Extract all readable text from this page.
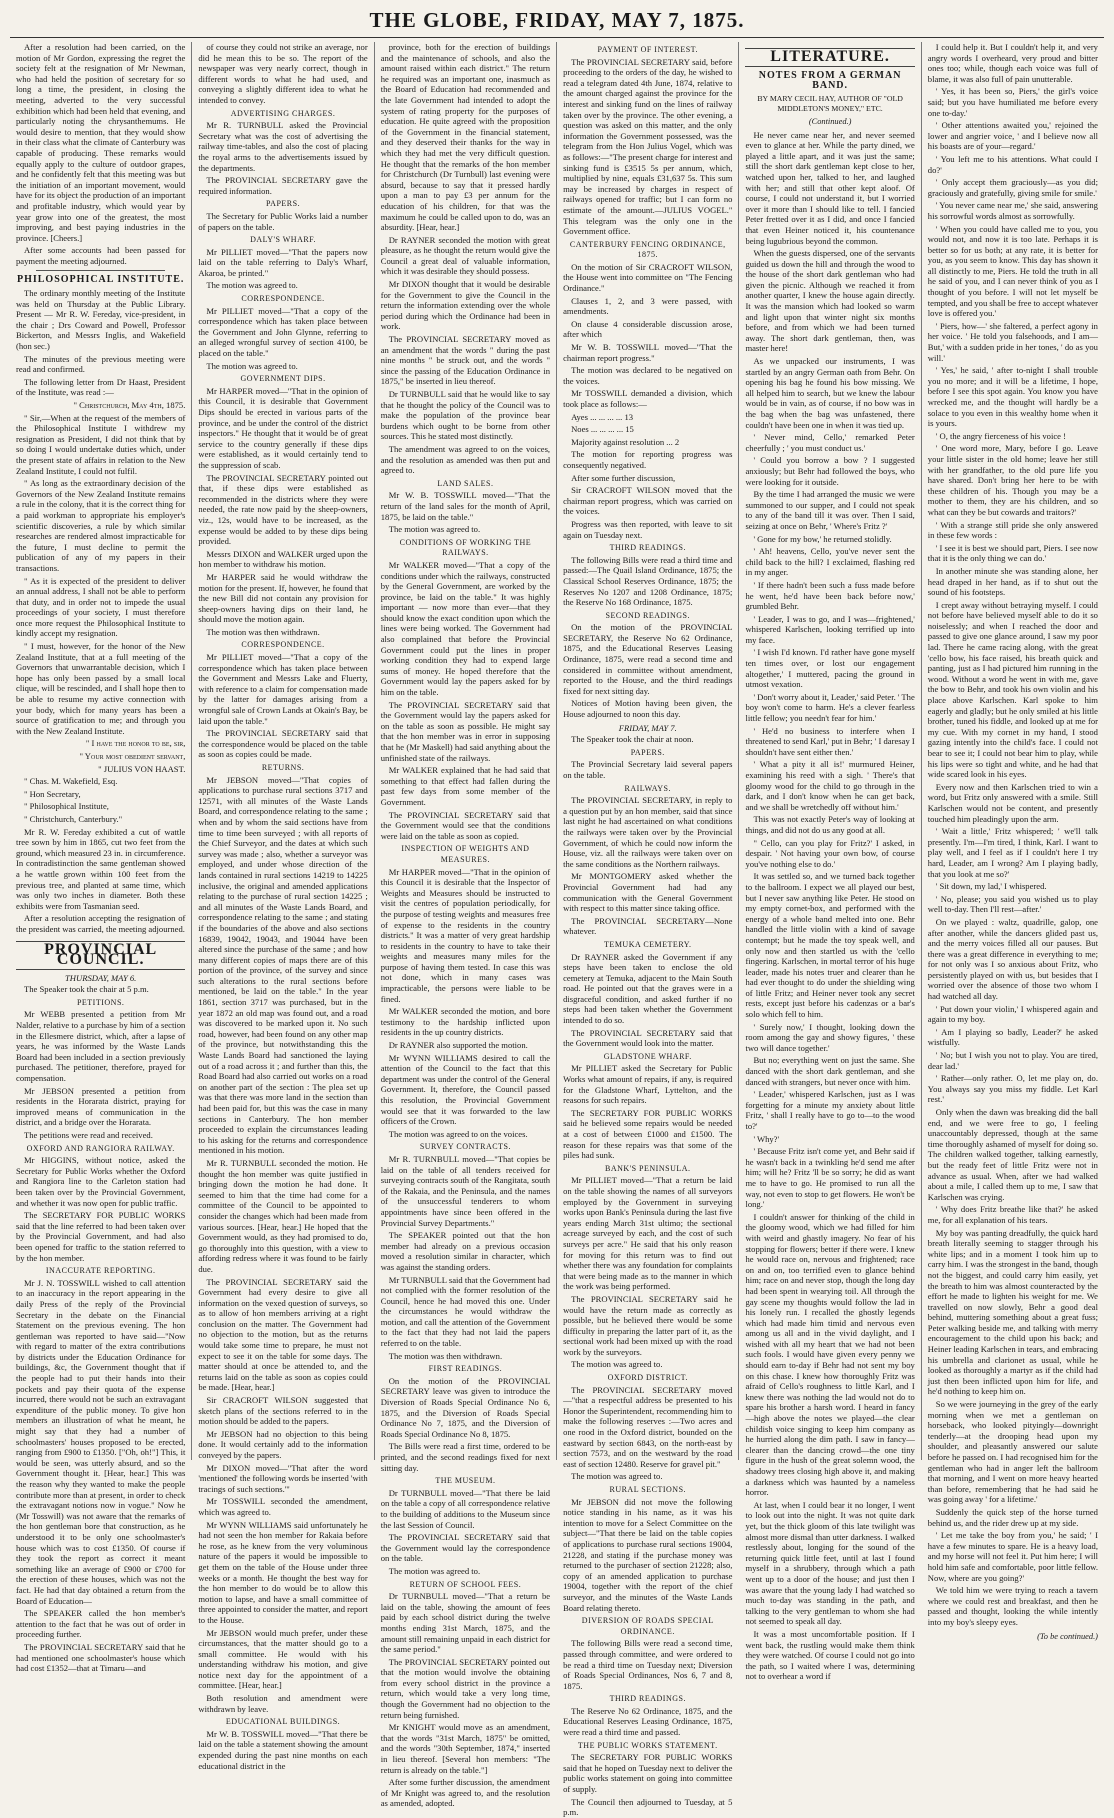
THE GLOBE, FRIDAY, MAY 7, 1875.

After a resolution had been carried, on the motion of Mr Gordon, expressing the regret the society felt at the resignation of Mr Newman, who had held the position of secretary for so long a time, the president, in closing the meeting, adverted to the very successful exhibition which had been held that evening, and particularly noting the chrysanthemums. He would desire to mention, that they would show in their class what the climate of Canterbury was capable of producing. These remarks would equally apply to the culture of outdoor grapes, and he confidently felt that this meeting was but the initiation of an important movement, would have for its object the production of an important and profitable industry, which would year by year grow into one of the greatest, the most improving, and best paying industries in the province. [Cheers.]

After some accounts had been passed for payment the meeting adjourned.

PHILOSOPHICAL INSTITUTE.

The ordinary monthly meeting of the Institute was held on Thursday at the Public Library. Present — Mr R. W. Fereday, vice-president, in the chair ; Drs Coward and Powell, Professor Bickerton, and Messrs Inglis, and Wakefield (hon sec.)

The minutes of the previous meeting were read and confirmed.

The following letter from Dr Haast, President of the Institute, was read :—

" Christchurch, May 4th, 1875.

" Sir,—When at the request of the members of the Philosophical Institute I withdrew my resignation as President, I did not think that by so doing I would undertake duties which, under the present state of affairs in relation to the New Zealand Institute, I could not fulfil.

" As long as the extraordinary decision of the Governors of the New Zealand Institute remains a rule in the colony, that it is the correct thing for a paid workman to appropriate his employer's scientific discoveries, a rule by which similar researches are rendered almost impracticable for the future, I must decline to permit the publication of any of my papers in their transactions.

" As it is expected of the president to deliver an annual address, I shall not be able to perform that duty, and in order not to impede the usual proceedings of your society, I must therefore once more request the Philosophical Institute to kindly accept my resignation.

" I must, however, for the honor of the New Zealand Institute, that at a full meeting of the Governors that unwarrantable decision, which I hope has only been passed by a small local clique, will be rescinded, and I shall hope then to be able to resume my active connection with your body, which for many years has been a source of gratification to me; and through you with the New Zealand Institute.

" I have the honor to be, sir,

" Your most obedient servant,

" JULIUS VON HAAST.

" Chas. M. Wakefield, Esq.

" Hon Secretary,

" Philosophical Institute,

" Christchurch, Canterbury."

Mr R. W. Fereday exhibited a cut of wattle tree sown by him in 1865, cut two feet from the ground, which measured 23 in. in circumference. In contradistinction the same gentleman showed a he wattle grown within 100 feet from the previous tree, and planted at same time, which was only two inches in diameter. Both these exhibits were from Tasmanian seed.

After a resolution accepting the resignation of the president was carried, the meeting adjourned.

PROVINCIAL COUNCIL.
THURSDAY, MAY 6.

The Speaker took the chair at 5 p.m.

PETITIONS.

Mr WEBB presented a petition from Mr Nalder, relative to a purchase by him of a section in the Ellesmere district, which, after a lapse of years, he was informed by the Waste Lands Board had been included in a section previously purchased. The petitioner, therefore, prayed for compensation.

Mr JEBSON presented a petition from residents in the Horarata district, praying for improved means of communication in the district, and a bridge over the Horarata.

The petitions were read and received.

OXFORD AND RANGIORA RAILWAY.

Mr HIGGINS, without notice, asked the Secretary for Public Works whether the Oxford and Rangiora line to the Carleton station had been taken over by the Provincial Government, and whether it was now open for public traffic.

The SECRETARY FOR PUBLIC WORKS said that the line referred to had been taken over by the Provincial Government, and had also been opened for traffic to the station referred to by the hon member.

INACCURATE REPORTING.

Mr J. N. TOSSWILL wished to call attention to an inaccuracy in the report appearing in the daily Press of the reply of the Provincial Secretary in the debate on the Financial Statement on the previous evening. The hon gentleman was reported to have said—"Now with regard to matter of the extra contributions by districts under the Education Ordinance for buildings, &c, the Government thought that if the people had to put their hands into their pockets and pay their quota of the expense incurred, there would not be such an extravagant expenditure of the public money. To give hon members an illustration of what he meant, he might say that they had a number of schoolmasters' houses proposed to be erected, ranging from £900 to £1350. ["Oh, oh!"] This, it would be seen, was utterly absurd, and so the Government thought it. [Hear, hear.] This was the reason why they wanted to make the people contribute more than at present, in order to check the extravagant notions now in vogue." Now he (Mr Tosswill) was not aware that the remarks of the hon gentleman bore that construction, as he understood it to be only one schoolmaster's house which was to cost £1350. Of course if they took the report as correct it meant something like an average of £900 or £700 for the erection of these houses, which was not the fact. He had that day obtained a return from the Board of Education—

The SPEAKER called the hon member's attention to the fact that he was out of order in proceeding further.

The PROVINCIAL SECRETARY said that he had mentioned one schoolmaster's house which had cost £1352—that at Timaru—and

of course they could not strike an average, nor did he mean this to be so. The report of the newspaper was very nearly correct, though in different words to what he had used, and conveying a slightly different idea to what he intended to convey.

ADVERTISING CHARGES.

Mr R. TURNBULL asked the Provincial Secretary what was the cost of advertising the railway time-tables, and also the cost of placing the royal arms to the advertisements issued by the departments.

The PROVINCIAL SECRETARY gave the required information.

PAPERS.

The Secretary for Public Works laid a number of papers on the table.

DALY'S WHARF.

Mr PILLIET moved—"That the papers now laid on the table referring to Daly's Wharf, Akaroa, be printed."

The motion was agreed to.

CORRESPONDENCE.

Mr PILLIET moved—"That a copy of the correspondence which has taken place between the Government and John Glynne, referring to an alleged wrongful survey of section 4100, be placed on the table."

The motion was agreed to.

GOVERNMENT DIPS.

Mr HARPER moved—"That in the opinion of this Council, it is desirable that Government Dips should be erected in various parts of the province, and be under the control of the district inspectors." He thought that it would be of great service to the country generally if these dips were established, as it would certainly tend to the suppression of scab.

The PROVINCIAL SECRETARY pointed out that, if these dips were established as recommended in the districts where they were needed, the rate now paid by the sheep-owners, viz., 12s, would have to be increased, as the expense would be added to by these dips being provided.

Messrs DIXON and WALKER urged upon the hon member to withdraw his motion.

Mr HARPER said he would withdraw the motion for the present. If, however, he found that the new Bill did not contain any provision for sheep-owners having dips on their land, he should move the motion again.

The motion was then withdrawn.

CORRESPONDENCE.

Mr PILLIET moved—"That a copy of the correspondence which has taken place between the Government and Messrs Lake and Fluerty, with reference to a claim for compensation made by the latter for damages arising from a wrongful sale of Crown Lands at Okain's Bay, be laid upon the table."

The PROVINCIAL SECRETARY said that the correspondence would be placed on the table as soon as copies could be made.

RETURNS.

Mr JEBSON moved—"That copies of applications to purchase rural sections 3717 and 12571, with all minutes of the Waste Lands Board, and correspondence relating to the same ; when and by whom the said sections have from time to time been surveyed ; with all reports of the Chief Surveyor, and the dates at which such survey was made ; also, whether a surveyor was employed, and under whose direction of the lands contained in rural sections 14219 to 14225 inclusive, the original and amended applications relating to the purchase of rural section 14225 ; and all minutes of the Waste Lands Board, and correspondence relating to the same ; and stating if the boundaries of the above and also sections 16839, 19042, 19043, and 19044 have been altered since the purchase of the same ; and how many different copies of maps there are of this portion of the province, of the survey and since such alterations to the rural sections before mentioned, be laid on the table." In the year 1861, section 3717 was purchased, but in the year 1872 an old map was found out, and a road was discovered to be marked upon it. No such road, however, had been found on any other map of the province, but notwithstanding this the Waste Lands Board had sanctioned the laying out of a road across it ; and further than this, the Road Board had also carried out works on a road on another part of the section : The plea set up was that there was more land in the section than had been paid for, but this was the case in many sections in Canterbury. The hon member proceeded to explain the circumstances leading to his asking for the returns and correspondence mentioned in his motion.

Mr R. TURNBULL seconded the motion. He thought the hon member was quite justified in bringing down the motion he had done. It seemed to him that the time had come for a committee of the Council to be appointed to consider the changes which had been made from various sources. [Hear, hear.] He hoped that the Government would, as they had promised to do, go thoroughly into this question, with a view to affording redress where it was found to be fairly due.

The PROVINCIAL SECRETARY said the Government had every desire to give all information on the vexed question of surveys, so as to allow of hon members arriving at a right conclusion on the matter. The Government had no objection to the motion, but as the returns would take some time to prepare, he must not expect to see it on the table for some days. The matter should at once be attended to, and the returns laid on the table as soon as copies could be made. [Hear, hear.]

Sir CRACROFT WILSON suggested that sketch plans of the sections referred to in the motion should be added to the papers.

Mr JEBSON had no objection to this being done. It would certainly add to the information conveyed by the papers.

Mr DIXON moved—"That after the word 'mentioned' the following words be inserted 'with tracings of such sections.'"

Mr TOSSWILL seconded the amendment, which was agreed to.

Mr WYNN WILLIAMS said unfortunately he had not seen the hon member for Rakaia before he rose, as he knew from the very voluminous nature of the papers it would be impossible to get them on the table of the House under three weeks or a month. He thought the best way for the hon member to do would be to allow this motion to lapse, and have a small committee of three appointed to consider the matter, and report to the House.

Mr JEBSON would much prefer, under these circumstances, that the matter should go to a small committee. He would with his understanding withdraw his motion, and give notice next day for the appointment of a committee. [Hear, hear.]

Both resolution and amendment were withdrawn by leave.

EDUCATIONAL BUILDINGS.

Mr W. B. TOSSWILL moved—"That there be laid on the table a statement showing the amount expended during the past nine months on each educational district in the

province, both for the erection of buildings and the maintenance of schools, and also the amount raised within each district." The return he required was an important one, inasmuch as the Board of Education had recommended and the late Government had intended to adopt the system of rating property for the purposes of education. He quite agreed with the proposition of the Government in the financial statement, and they deserved their thanks for the way in which they had met the very difficult question. He thought that the remarks of the hon member for Christchurch (Dr Turnbull) last evening were absurd, because to say that it pressed hardly upon a man to pay £3 per annum for the education of his children, for that was the maximum he could be called upon to do, was an absurdity. [Hear, hear.]

Dr RAYNER seconded the motion with great pleasure, as he thought the return would give the Council a great deal of valuable information, which it was desirable they should possess.

Mr DIXON thought that it would be desirable for the Government to give the Council in the return the information extending over the whole period during which the Ordinance had been in work.

The PROVINCIAL SECRETARY moved as an amendment that the words " during the past nine months " be struck out, and the words " since the passing of the Education Ordinance in 1875," be inserted in lieu thereof.

Dr TURNBULL said that he would like to say that he thought the policy of the Council was to make the population of the province bear burdens which ought to be borne from other sources. This he stated most distinctly.

The amendment was agreed to on the voices, and the resolution as amended was then put and agreed to.

LAND SALES.

Mr W. B. TOSSWILL moved—"That the return of the land sales for the month of April, 1875, be laid on the table."

The motion was agreed to.

CONDITIONS OF WORKING THE RAILWAYS.

Mr WALKER moved—"That a copy of the conditions under which the railways, constructed by the General Government, are worked by the province, be laid on the table." It was highly important — now more than ever—that they should know the exact condition upon which the lines were being worked. The Government had also complained that before the Provincial Government could put the lines in proper working condition they had to expend large sums of money. He hoped therefore that the Government would lay the papers asked for by him on the table.

The PROVINCIAL SECRETARY said that the Government would lay the papers asked for on the table as soon as possible. He might say that the hon member was in error in supposing that he (Mr Maskell) had said anything about the unfinished state of the railways.

Mr WALKER explained that he had said that something to that effect had fallen during the past few days from some member of the Government.

The PROVINCIAL SECRETARY said that the Government would see that the conditions were laid on the table as soon as copied.

INSPECTION OF WEIGHTS AND MEASURES.

Mr HARPER moved—"That in the opinion of this Council it is desirable that the Inspector of Weights and Measures should be instructed to visit the centres of population periodically, for the purpose of testing weights and measures free of expense to the residents in the country districts." It was a matter of very great hardship to residents in the country to have to take their weights and measures many miles for the purpose of having them tested. In case this was not done, which in many cases was impracticable, the persons were liable to be fined.

Mr WALKER seconded the motion, and bore testimony to the hardship inflicted upon residents in the up country districts.

Dr RAYNER also supported the motion.

Mr WYNN WILLIAMS desired to call the attention of the Council to the fact that this department was under the control of the General Government. It, therefore, the Council passed this resolution, the Provincial Government would see that it was forwarded to the law officers of the Crown.

The motion was agreed to on the voices.

SURVEY CONTRACTS.

Mr R. TURNBULL moved—"That copies be laid on the table of all tenders received for surveying contracts south of the Rangitata, south of the Rakaia, and the Peninsula, and the names of the unsuccessful tenderers to whom appointments have since been offered in the Provincial Survey Departments."

The SPEAKER pointed out that the hon member had already on a previous occasion moved a resolution similar in character, which was against the standing orders.

Mr TURNBULL said that the Government had not complied with the former resolution of the Council, hence he had moved this one. Under the circumstances he would withdraw the motion, and call the attention of the Government to the fact that they had not laid the papers referred to on the table.

The motion was then withdrawn.

FIRST READINGS.

On the motion of the PROVINCIAL SECRETARY leave was given to introduce the Diversion of Roads Special Ordinance No 6, 1875, and the Diversion of Roads Special Ordinance No 7, 1875, and the Diversion of Roads Special Ordinance No 8, 1875.

The Bills were read a first time, ordered to be printed, and the second readings fixed for next sitting day.

THE MUSEUM.

Dr TURNBULL moved—"That there be laid on the table a copy of all correspondence relative to the building of additions to the Museum since the last Session of Council.

The PROVINCIAL SECRETARY said that the Government would lay the correspondence on the table.

The motion was agreed to.

RETURN OF SCHOOL FEES.

Dr TURNBULL moved—"That a return be laid on the table, showing the amount of fees paid by each school district during the twelve months ending 31st March, 1875, and the amount still remaining unpaid in each district for the same period."

The PROVINCIAL SECRETARY pointed out that the motion would involve the obtaining from every school district in the province a return, which would take a very long time, though the Government had no objection to the return being furnished.

Mr KNIGHT would move as an amendment, that the words "31st March, 1875" be omitted, and the words "30th September, 1874," inserted in lieu thereof. [Several hon members: "The return is already on the table."]

After some further discussion, the amendment of Mr Knight was agreed to, and the resolution as amended, adopted.

PAYMENT OF INTEREST.

The PROVINCIAL SECRETARY said, before proceeding to the orders of the day, he wished to read a telegram dated 4th June, 1874, relative to the amount charged against the province for the interest and sinking fund on the lines of railway taken over by the province. The other evening, a question was asked on this matter, and the only information the Government possessed, was the telegram from the Hon Julius Vogel, which was as follows:—"The present charge for interest and sinking fund is £3515 5s per annum, which, multiplied by nine, equals £31,637 5s. This sum may be increased by charges in respect of railways opened for traffic; but I can form no estimate of the amount.—JULIUS VOGEL." This telegram was the only one in the Government office.

CANTERBURY FENCING ORDINANCE, 1875.

On the motion of Sir CRACROFT WILSON, the House went into committee on "The Fencing Ordinance."

Clauses 1, 2, and 3 were passed, with amendments.

On clause 4 considerable discussion arose, after which

Mr W. B. TOSSWILL moved—"That the chairman report progress."

The motion was declared to be negatived on the voices.

Mr TOSSWILL demanded a division, which took place as follows:—

Ayes ... ... ... ... 13

Noes ... ... ... ... 15

Majority against resolution ... 2

The motion for reporting progress was consequently negatived.

After some further discussion,

Sir CRACROFT WILSON moved that the chairman report progress, which was carried on the voices.

Progress was then reported, with leave to sit again on Tuesday next.

THIRD READINGS.

The following Bills were read a third time and passed:—The Quail Island Ordinance, 1875; the Classical School Reserves Ordinance, 1875; the Reserves No 1207 and 1208 Ordinance, 1875; the Reserve No 168 Ordinance, 1875.

SECOND READINGS.

On the motion of the PROVINCIAL SECRETARY, the Reserve No 62 Ordinance, 1875, and the Educational Reserves Leasing Ordinance, 1875, were read a second time and considered in committee without amendment, reported to the House, and the third readings fixed for next sitting day.

Notices of Motion having been given, the House adjourned to noon this day.

FRIDAY, MAY 7.

The Speaker took the chair at noon.

PAPERS.

The Provincial Secretary laid several papers on the table.

RAILWAYS.

The PROVINCIAL SECRETARY, in reply to a question put by an hon member, said that since last night he had ascertained on what conditions the railways were taken over by the Provincial Government, of which he could now inform the House, viz. all the railways were taken over on the same conditions as the Northern railways.

Mr MONTGOMERY asked whether the Provincial Government had had any communication with the General Government with respect to this matter since taking office.

The PROVINCIAL SECRETARY—None whatever.

TEMUKA CEMETERY.

Dr RAYNER asked the Government if any steps have been taken to enclose the old cemetery at Temuka, adjacent to the Main South road. He pointed out that the graves were in a disgraceful condition, and asked further if no steps had been taken whether the Government intended to do so.

The PROVINCIAL SECRETARY said that the Government would look into the matter.

GLADSTONE WHARF.

Mr PILLIET asked the Secretary for Public Works what amount of repairs, if any, is required for the Gladstone Wharf, Lyttelton, and the reasons for such repairs.

The SECRETARY FOR PUBLIC WORKS said he believed some repairs would be needed at a cost of between £1000 and £1500. The reason for these repairs was that some of the piles had sunk.

BANK'S PENINSULA.

Mr PILLIET moved—"That a return be laid on the table showing the names of all surveyors employed by the Government in surveying works upon Bank's Peninsula during the last five years ending March 31st ultimo; the sectional acreage surveyed by each, and the cost of such surveys per acre." He said that his only reason for moving for this return was to find out whether there was any foundation for complaints that were being made as to the manner in which the work was being performed.

The PROVINCIAL SECRETARY said he would have the return made as correctly as possible, but he believed there would be some difficulty in preparing the latter part of it, as the sectional work had been mixed up with the road work by the surveyors.

The motion was agreed to.

OXFORD DISTRICT.

The PROVINCIAL SECRETARY moved—"that a respectful address be presented to his Honor the Superintendent, recommending him to make the following reserves :—Two acres and one rood in the Oxford district, bounded on the eastward by section 6843, on the north-east by section 7573, and on the westward by the road east of section 12480. Reserve for gravel pit."

The motion was agreed to.

RURAL SECTIONS.

Mr JEBSON did not move the following notice standing in his name, as it was his intention to move for a Select Committee on the subject—"That there be laid on the table copies of applications to purchase rural sections 19004, 21228, and stating if the purchase money was returned to the purchaser of section 21228; also, copy of an amended application to purchase 19004, together with the report of the chief surveyor, and the minutes of the Waste Lands Board relating thereto.

DIVERSION OF ROADS SPECIAL ORDINANCE.

The following Bills were read a second time, passed through committee, and were ordered to be read a third time on Tuesday next; Diversion of Roads Special Ordinances, Nos 6, 7 and 8, 1875.

THIRD READINGS.

The Reserve No 62 Ordinance, 1875, and the Educational Reserves Leasing Ordinance, 1875, were read a third time and passed.

THE PUBLIC WORKS STATEMENT.

The SECRETARY FOR PUBLIC WORKS said that he hoped on Tuesday next to deliver the public works statement on going into committee of supply.

The Council then adjourned to Tuesday, at 5 p.m.

LITERATURE.
NOTES FROM A GERMAN BAND.
BY MARY CECIL HAY, AUTHOR OF "OLD MIDDLETON'S MONEY," ETC.
(Continued.)

He never came near her, and never seemed even to glance at her. While the party dined, we played a little apart, and it was just the same; still the short dark gentleman kept close to her, watched upon her, talked to her, and laughed with her; and still that other kept aloof. Of course, I could not understand it, but I worried over it more than I should like to tell. I fancied Peter fretted over it as I did, and once I fancied that even Heiner noticed it, his countenance being lugubrious beyond the common.

When the guests dispersed, one of the servants guided us down the hill and through the wood to the house of the short dark gentleman who had given the picnic. Although we reached it from another quarter, I knew the house again directly. It was the mansion which had looked so warm and light upon that winter night six months before, and from which we had been turned away. The short dark gentleman, then, was master here!

As we unpacked our instruments, I was startled by an angry German oath from Behr. On opening his bag he found his bow missing. We all helped him to search, but we knew the labour would be in vain, as of course, if no bow was in the bag when the bag was unfastened, there couldn't have been one in when it was tied up.

' Never mind, Cello,' remarked Peter cheerfully ; ' you must conduct us.'

' Could you borrow a bow ? I suggested anxiously; but Behr had followed the boys, who were looking for it outside.

By the time I had arranged the music we were summoned to our supper, and I could not speak to any of the band till it was over. Then I said, seizing at once on Behr, ' Where's Fritz ?'

' Gone for my bow,' he returned stolidly.

' Ah! heavens, Cello, you've never sent the child back to the hill? I exclaimed, flashing red in my anger.

' If there hadn't been such a fuss made before he went, he'd have been back before now,' grumbled Behr.

' Leader, I was to go, and I was—frightened,' whispered Karlschen, looking terrified up into my face.

' I wish I'd known. I'd rather have gone myself ten times over, or lost our engagement altogether,' I muttered, pacing the ground in utmost vexation.

' Don't worry about it, Leader,' said Peter. ' The boy won't come to harm. He's a clever fearless little fellow; you needn't fear for him.'

' He'd no business to interfere when I threatened to send Karl,' put in Behr; ' I daresay I shouldn't have sent either then.'

' What a pity it all is!' murmured Heiner, examining his reed with a sigh. ' There's that gloomy wood for the child to go through in the dark, and I don't know when he can get back, and we shall be wretchedly off without him.'

This was not exactly Peter's way of looking at things, and did not do us any good at all.

" Cello, can you play for Fritz?' I asked, in despair. ' Not having your own bow, of course you've nothing else to do.'

It was settled so, and we turned back together to the ballroom. I expect we all played our best, but I never saw anything like Peter. He stood on my empty cornet-box, and performed with the energy of a whole band melted into one. Behr handled the little violin with a kind of savage contempt; but he made the toy speak well, and only now and then startled us with the 'cello fingering. Karlschen, in mortal terror of his huge leader, made his notes truer and clearer than he had ever thought to do under the shielding wing of little Fritz; and Heiner never took any secret rests, except just before his cadenzas or a bar's solo which fell to him.

' Surely now,' I thought, looking down the room among the gay and showy figures, ' these two will dance together.'

But no; everything went on just the same. She danced with the short dark gentleman, and she danced with strangers, but never once with him.

' Leader,' whispered Karlschen, just as I was forgetting for a minute my anxiety about little Fritz, ' shall I really have to go to—to the wood to?'

' Why?'

' Because Fritz isn't come yet, and Behr said if he wasn't back in a twinkling he'd send me after him; will he? Fritz 'll be so sorry; he did as want me to have to go. He promised to run all the way, not even to stop to get flowers. He won't be long.'

I couldn't answer for thinking of the child in the gloomy wood, which we had filled for him with weird and ghastly imagery. No fear of his stopping for flowers; better if there were. I knew he would race on, nervous and frightened; race on and on, too terrified even to glance behind him; race on and never stop, though the long day had been spent in wearying toil. All through the gay scene my thoughts would follow the lad in his lonely run. I recalled the ghostly legends which had made him timid and nervous even among us all and in the vivid daylight, and I wished with all my heart that we had not been such fools. I would have given every penny we should earn to-day if Behr had not sent my boy on this chase. I knew how thoroughly Fritz was afraid of Cello's roughness to little Karl, and I knew there was nothing the lad would not do to spare his brother a harsh word. I heard in fancy—high above the notes we played—the clear childish voice singing to keep him company as he hurried along the dim path. I saw in fancy—clearer than the dancing crowd—the one tiny figure in the hush of the great solemn wood, the shadowy trees closing high above it, and making a darkness which was haunted by a nameless horror.

At last, when I could bear it no longer, I went to look out into the night. It was not quite dark yet, but the thick gloom of this late twilight was almost more dismal than utter darkness. I walked restlessly about, longing for the sound of the returning quick little feet, until at last I found myself in a shrubbery, through which a path went up to a door of the house; and just then I was aware that the young lady I had watched so much to-day was standing in the path, and talking to the very gentleman to whom she had not seemed to speak all day.

It was a most uncomfortable position. If I went back, the rustling would make them think they were watched. Of course I could not go into the path, so I waited where I was, determining not to overhear a word if

I could help it. But I couldn't help it, and very angry words I overheard, very proud and bitter ones too; while, though each voice was full of blame, it was also full of pain unutterable.

' Yes, it has been so, Piers,' the girl's voice said; but you have humiliated me before every one to-day.'

' Other attentions awaited you,' rejoined the lower and angrier voice, ' and I believe now all his boasts are of your—regard.'

' You left me to his attentions. What could I do?'

' Only accept them graciously—as you did; graciously and gratefully, giving smile for smile.'

' You never came near me,' she said, answering his sorrowful words almost as sorrowfully.

' When you could have called me to you, you would not, and now it is too late. Perhaps it is better so for us both; at any rate, it is better for you, as you seem to know. This day has shown it all distinctly to me, Piers. He told the truth in all he said of you, and I can never think of you as I thought of you before. I will not let myself be tempted, and you shall be free to accept whatever love is offered you.'

' Piers, how—' she faltered, a perfect agony in her voice. ' He told you falsehoods, and I am— But,' with a sudden pride in her tones, ' do as you will.'

' Yes,' he said, ' after to-night I shall trouble you no more; and it will be a lifetime, I hope, before I see this spot again. You know you have wrecked me, and the thought will hardly be a solace to you even in this wealthy home when it is yours.

' O, the angry fierceness of his voice !

' One word more, Mary, before I go. Leave your little sister in the old home; leave her still with her grandfather, to the old pure life you have shared. Don't bring her here to be with these children of his. Though you may be a mother to them, they are his children, and so what can they be but cowards and traitors?'

' With a strange still pride she only answered in these few words :

' I see it is best we should part, Piers. I see now that it is the only thing we can do.'

In another minute she was standing alone, her head draped in her hand, as if to shut out the sound of his footsteps.

I crept away without betraying myself. I could not before have believed myself able to do it so noiselessly; and when I reached the door and passed to give one glance around, I saw my poor lad. There he came racing along, with the great 'cello bow, his face raised, his breath quick and panting, just as I had pictured him running in the wood. Without a word he went in with me, gave the bow to Behr, and took his own violin and his place above Karlschen. Karl spoke to him eagerly and gladly; but he only smiled at his little brother, tuned his fiddle, and looked up at me for my cue. With my cornet in my hand, I stood gazing intently into the child's face. I could not bear to see it; I could not bear him to play, while his lips were so tight and white, and he had that wide scared look in his eyes.

Every now and then Karlschen tried to win a word, but Fritz only answered with a smile. Still Karlschen would not be content, and presently touched him pleadingly upon the arm.

' Wait a little,' Fritz whispered; ' we'll talk presently. I'm—I'm tired, I think, Karl. I want to play well, and I feel as if I couldn't here I try hard, Leader, am I wrong? Am I playing badly, that you look at me so?'

' Sit down, my lad,' I whispered.

' No, please; you said you wished us to play well to-day. Then I'll rest—after.'

On we played : waltz, quadrille, galop, one after another, while the dancers glided past us, and the merry voices filled all our pauses. But there was a great difference in everything to me; for not only was I so anxious about Fritz, who persistently played on with us, but besides that I worried over the absence of those two whom I had watched all day.

' Put down your violin,' I whispered again and again to my boy.

' Am I playing so badly, Leader?' he asked wistfully.

' No; but I wish you not to play. You are tired, dear lad.'

' Rather—only rather. O, let me play on, do. You always say you miss my fiddle. Let Karl rest.'

Only when the dawn was breaking did the ball end, and we were free to go, I feeling unaccountably depressed, though at the same time thoroughly ashamed of myself for doing so. The children walked together, talking earnestly, but the ready feet of little Fritz were not in advance as usual. When, after we had walked about a mile, I called them up to me, I saw that Karlschen was crying.

' Why does Fritz breathe like that?' he asked me, for all explanation of his tears.

My boy was panting dreadfully, the quick hard breath literally seeming to stagger through his white lips; and in a moment I took him up to carry him. I was the strongest in the band, though not the biggest, and could carry him easily, yet the breath to him was almost counteracted by the effort he made to lighten his weight for me. We travelled on now slowly, Behr a good deal behind, muttering something about a great fuss; Peter walking beside me, and talking with merry encouragement to the child upon his back; and Heiner leading Karlschen in tears, and embracing his umbrella and clarionet as usual, while he looked as thoroughly a martyr as if the child had just then been inflicted upon him for life, and he'd nothing to keep him on.

So we were journeying in the grey of the early morning when we met a gentleman on horseback, who looked pityingly—downright tenderly—at the drooping head upon my shoulder, and pleasantly answered our salute before he passed on. I had recognised him for the gentleman who had in anger left the ballroom that morning, and I went on more heavy hearted than before, remembering that he had said he was going away ' for a lifetime.'

Suddenly the quick step of the horse turned behind us, and the rider drew up at my side.

' Let me take the boy from you,' he said; ' I have a few minutes to spare. He is a heavy load, and my horse will not feel it. Put him here; I will hold him safe and comfortable, poor little fellow. Now, where are you going?'

We told him we were trying to reach a tavern where we could rest and breakfast, and then he passed and thought, looking the while intently into my boy's sleepy eyes.

(To be continued.)
